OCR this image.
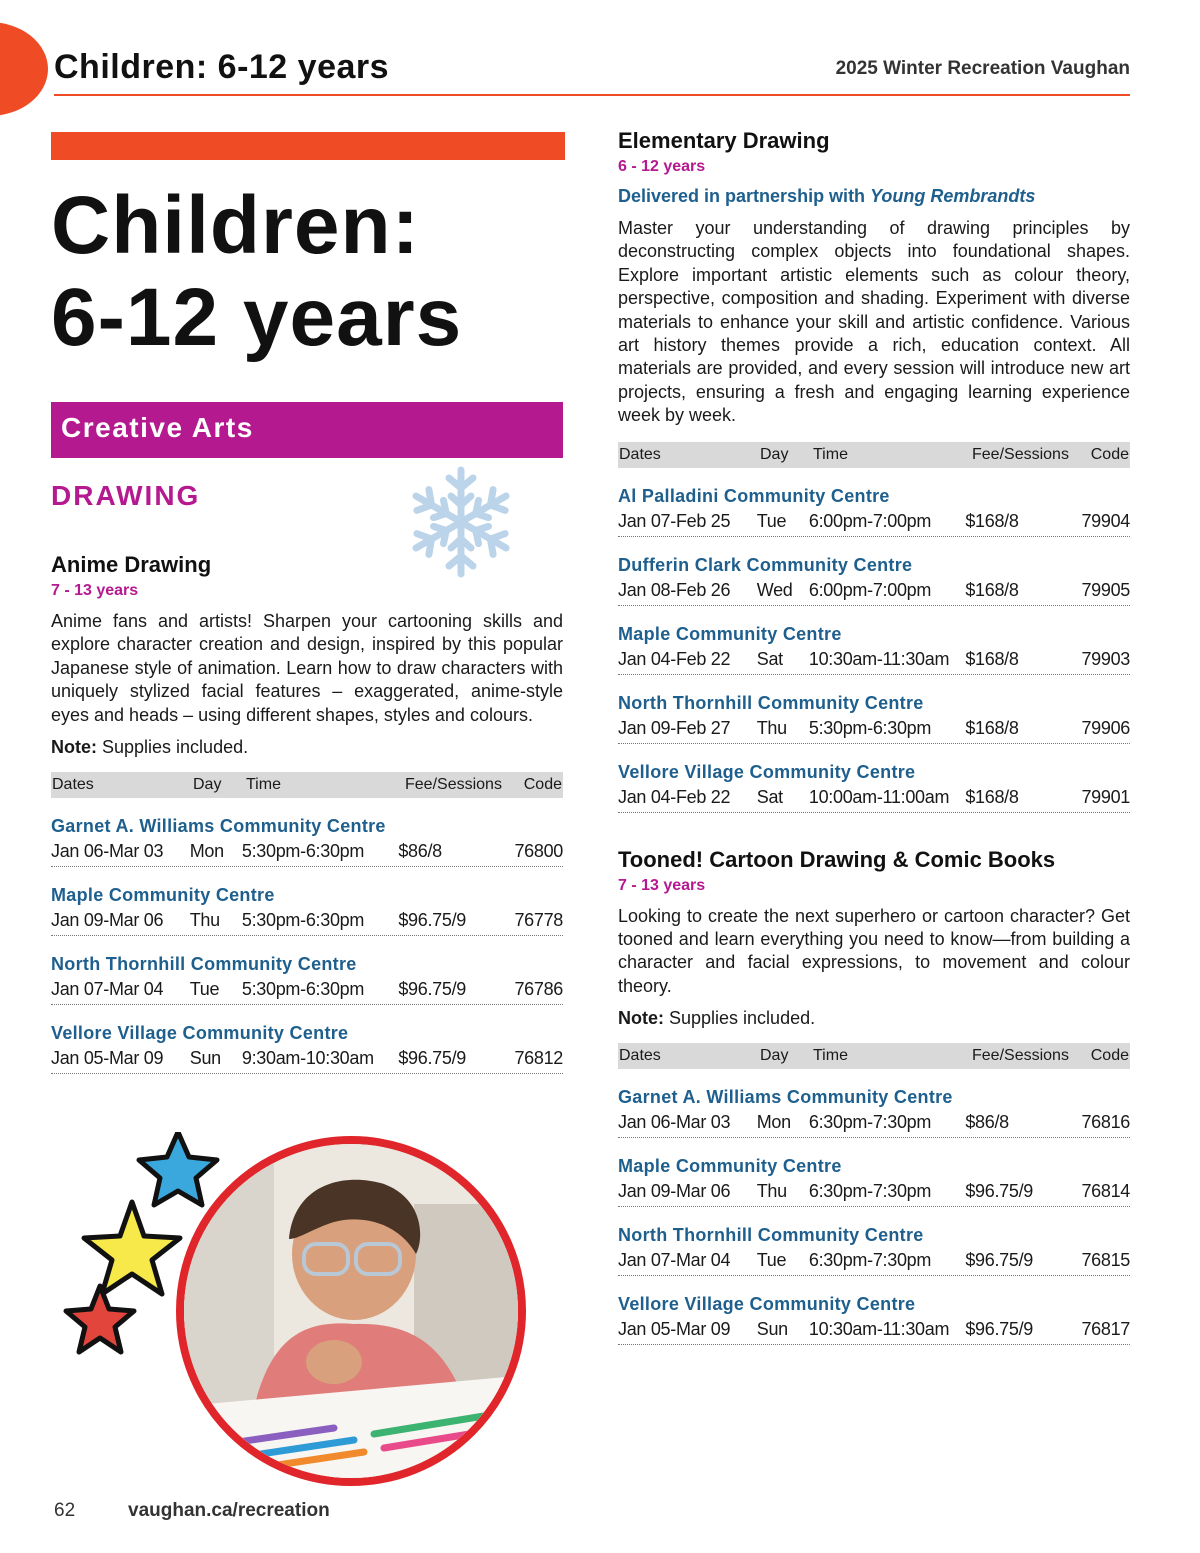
Children: 6-12 years	2025 Winter Recreation Vaughan
Children:
6-12 years
Creative Arts
DRAWING
Anime Drawing
7 - 13 years
Anime fans and artists! Sharpen your cartooning skills and explore character creation and design, inspired by this popular Japanese style of animation. Learn how to draw characters with uniquely stylized facial features – exaggerated, anime-style eyes and heads – using different shapes, styles and colours.
Note: Supplies included.
Dates	Day	Time	Fee/Sessions	Code
Garnet A. Williams Community Centre
Jan 06-Mar 03	Mon	5:30pm-6:30pm	$86/8	76800
Maple Community Centre
Jan 09-Mar 06	Thu	5:30pm-6:30pm	$96.75/9	76778
North Thornhill Community Centre
Jan 07-Mar 04	Tue	5:30pm-6:30pm	$96.75/9	76786
Vellore Village Community Centre
Jan 05-Mar 09	Sun	9:30am-10:30am	$96.75/9	76812
Elementary Drawing
6 - 12 years
Delivered in partnership with Young Rembrandts
Master your understanding of drawing principles by deconstructing complex objects into foundational shapes. Explore important artistic elements such as colour theory, perspective, composition and shading. Experiment with diverse materials to enhance your skill and artistic confidence. Various art history themes provide a rich, education context. All materials are provided, and every session will introduce new art projects, ensuring a fresh and engaging learning experience week by week.
Dates	Day	Time	Fee/Sessions	Code
Al Palladini Community Centre
Jan 07-Feb 25	Tue	6:00pm-7:00pm	$168/8	79904
Dufferin Clark Community Centre
Jan 08-Feb 26	Wed 6:00pm-7:00pm	$168/8	79905
Maple Community Centre
Jan 04-Feb 22	Sat	10:30am-11:30am $168/8	79903
North Thornhill Community Centre
Jan 09-Feb 27	Thu	5:30pm-6:30pm	$168/8	79906
Vellore Village Community Centre
Jan 04-Feb 22	Sat	10:00am-11:00am $168/8	79901
Tooned! Cartoon Drawing & Comic Books
7 - 13 years
Looking to create the next superhero or cartoon character? Get tooned and learn everything you need to know—from building a character and facial expressions, to movement and colour theory.
Note: Supplies included.
Dates	Day	Time	Fee/Sessions	Code
Garnet A. Williams Community Centre
Jan 06-Mar 03	Mon	6:30pm-7:30pm	$86/8	76816
Maple Community Centre
Jan 09-Mar 06	Thu	6:30pm-7:30pm	$96.75/9	76814
North Thornhill Community Centre
Jan 07-Mar 04	Tue	6:30pm-7:30pm	$96.75/9	76815
Vellore Village Community Centre
Jan 05-Mar 09	Sun	10:30am-11:30am $96.75/9	76817
62	vaughan.ca/recreation
